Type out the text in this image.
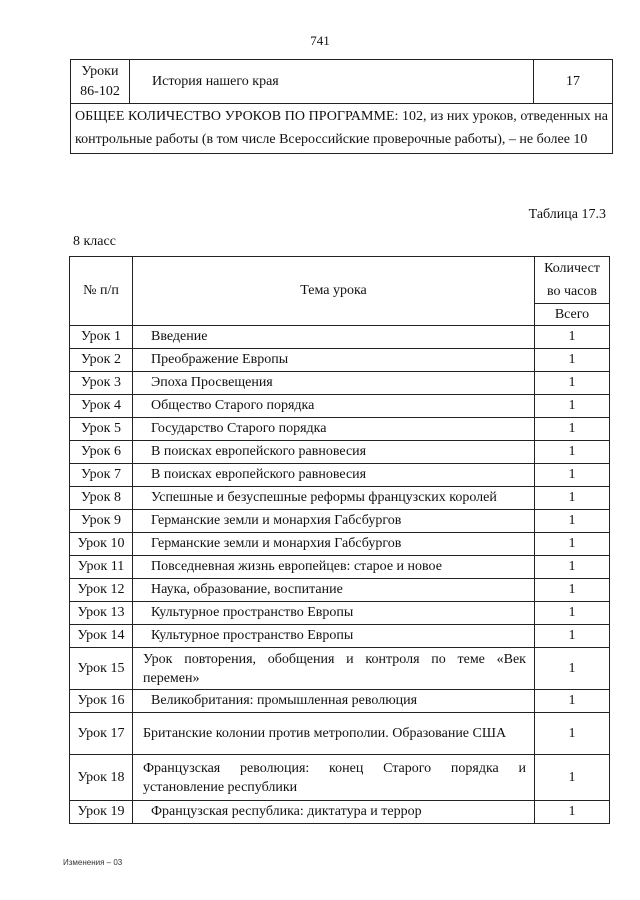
741
Уроки 86-102	История нашего края	17
ОБЩЕЕ КОЛИЧЕСТВО УРОКОВ ПО ПРОГРАММЕ: 102, из них уроков, отведенных на контрольные работы (в том числе Всероссийские проверочные работы), – не более 10
Таблица 17.3
8 класс
№ п/п	Тема урока	Количест во часов
		Всего
Урок 1	Введение	1
Урок 2	Преображение Европы	1
Урок 3	Эпоха Просвещения	1
Урок 4	Общество Старого порядка	1
Урок 5	Государство Старого порядка	1
Урок 6	В поисках европейского равновесия	1
Урок 7	В поисках европейского равновесия	1
Урок 8	Успешные и безуспешные реформы французских королей	1
Урок 9	Германские земли и монархия Габсбургов	1
Урок 10	Германские земли и монархия Габсбургов	1
Урок 11	Повседневная жизнь европейцев: старое и новое	1
Урок 12	Наука, образование, воспитание	1
Урок 13	Культурное пространство Европы	1
Урок 14	Культурное пространство Европы	1
Урок 15	Урок повторения, обобщения и контроля по теме «Век перемен»	1
Урок 16	Великобритания: промышленная революция	1
Урок 17	Британские колонии против метрополии. Образование США	1
Урок 18	Французская революция: конец Старого порядка и установление республики	1
Урок 19	Французская республика: диктатура и террор	1
Изменения – 03
